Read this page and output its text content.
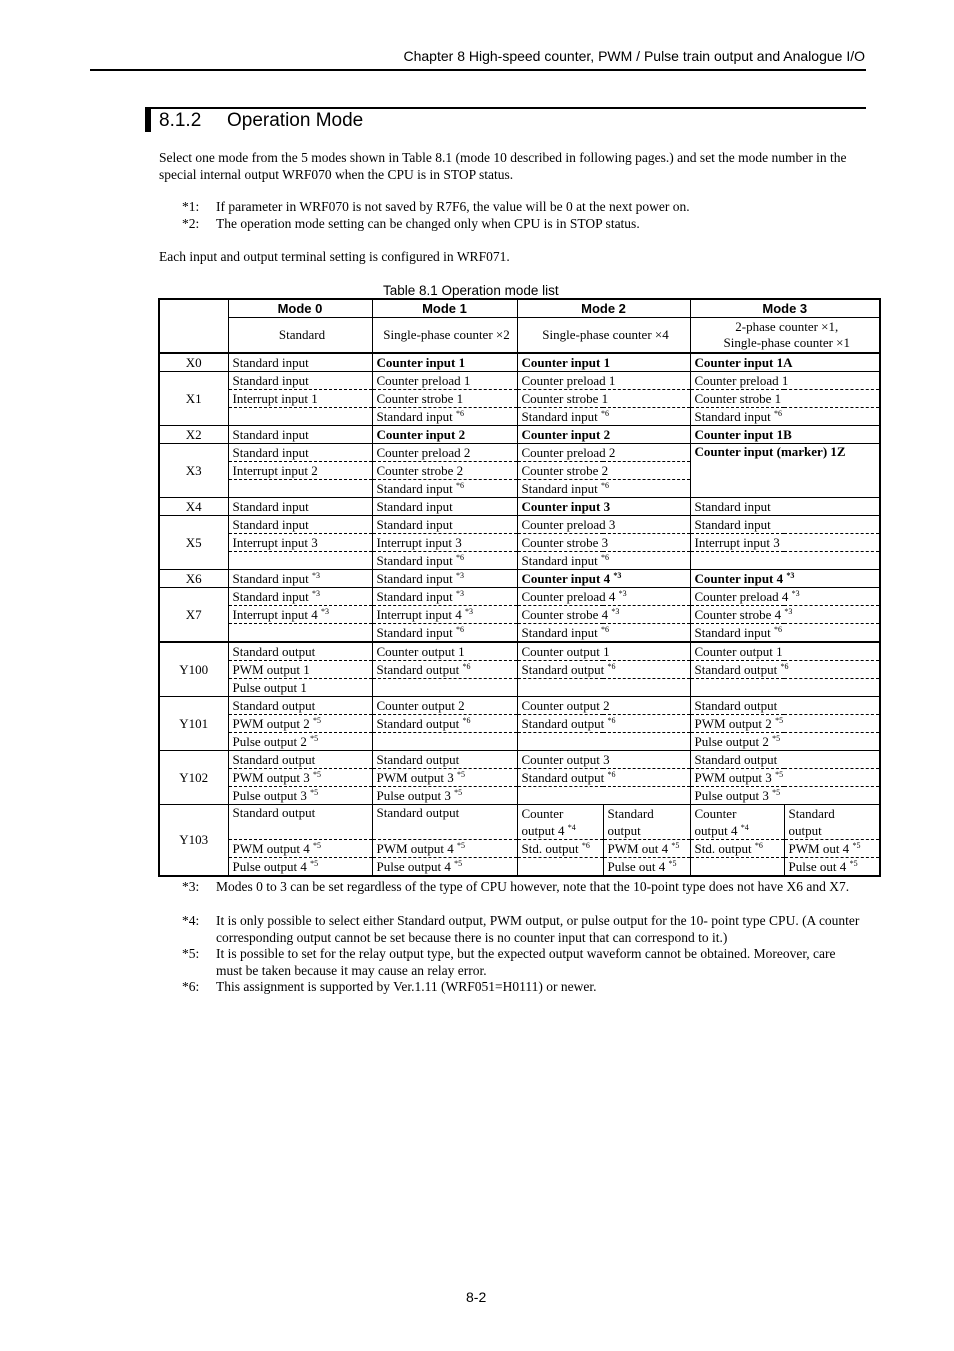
Chapter 8 High-speed counter, PWM / Pulse train output and Analogue I/O
8.1.2 Operation Mode
Select one mode from the 5 modes shown in Table 8.1 (mode 10 described in following pages.) and set the mode number in the special internal output WRF070 when the CPU is in STOP status.
*1:	If parameter in WRF070 is not saved by R7F6, the value will be 0 at the next power on.
*2:	The operation mode setting can be changed only when CPU is in STOP status.
Each input and output terminal setting is configured in WRF071.
Table 8.1 Operation mode list
	Mode 0	Mode 1	Mode 2		Mode 3	
	Standard	Single-phase counter ×2	Single-phase counter ×4		2-phase counter ×1,
Single-phase counter ×1	
X0	Standard input	Counter input 1	Counter input 1		Counter input 1A	
X1	Standard input	Counter preload 1	Counter preload 1		Counter preload 1	
	Interrupt input 1	Counter strobe 1	Counter strobe 1		Counter strobe 1	
		Standard input $^{*6}$	Standard input $^{*6}$		Standard input $^{*6}$
X2	Standard input	Counter input 2	Counter input 2		Counter input 1B	
X3	Standard input	Counter preload 2	Counter preload 2		Counter input (marker) 1Z	
	Interrupt input 2	Counter strobe 2	Counter strobe 2			
		Standard input $^{*6}$	Standard input $^{*6}$	
X4	Standard input	Standard input	Counter input 3		Standard input	
X5	Standard input	Standard input	Counter preload 3		Standard input	
	Interrupt input 3	Interrupt input 3	Counter strobe 3		Interrupt input 3	
		Standard input $^{*6}$	Standard input $^{*6}$	
X6	Standard input $^{*3}$	Standard input $^{*3}$	Counter input 4 $^{*3}$		Counter input 4 $^{*3}$
X7	Standard input $^{*3}$	Standard input $^{*3}$	Counter preload 4 $^{*3}$		Counter preload 4 $^{*3}$
	Interrupt input 4 $^{*3}$	Interrupt input 4 $^{*3}$	Counter strobe 4 $^{*3}$		Counter strobe 4 $^{*3}$
		Standard input $^{*6}$	Standard input $^{*6}$		Standard input $^{*6}$
Y100	Standard output	Counter output 1	Counter output 1		Counter output 1	
	PWM output 1	Standard output $^{*6}$	Standard output $^{*6}$		Standard output $^{*6}$
	Pulse output 1					
Y101	Standard output	Counter output 2	Counter output 2		Standard output	
	PWM output 2 $^{*5}$	Standard output $^{*6}$	Standard output $^{*6}$		PWM output 2 $^{*5}$
	Pulse output 2 $^{*5}$				Pulse output 2 $^{*5}$
Y102	Standard output	Standard output	Counter output 3		Standard output	
	PWM output 3 $^{*5}$	PWM output 3 $^{*5}$	Standard output $^{*6}$		PWM output 3 $^{*5}$
	Pulse output 3 $^{*5}$	Pulse output 3 $^{*5}$			Pulse output 3 $^{*5}$
Y103	Standard output	Standard output	Counter	Standard	Counter	Standard
			output 4 $^{*4}$	output	output 4 $^{*4}$	output
	PWM output 4 $^{*5}$	PWM output 4 $^{*5}$	Std. output $^{*6}$	PWM out 4 $^{*5}$	Std. output $^{*6}$	PWM out 4 $^{*5}$
	Pulse output 4 $^{*5}$	Pulse output 4 $^{*5}$		Pulse out 4 $^{*5}$		Pulse out 4 $^{*5}$
*3: Modes 0 to 3 can be set regardless of the type of CPU however, note that the 10-point type does not have X6 and X7.
*4: It is only possible to select either Standard output, PWM output, or pulse output for the 10- point type CPU. (A counter corresponding output cannot be set because there is no counter input that can correspond to it.)
*5: It is possible to set for the relay output type, but the expected output waveform cannot be obtained. Moreover, care must be taken because it may cause an relay error.
*6: This assignment is supported by Ver.1.11 (WRF051=H0111) or newer.
8-2
